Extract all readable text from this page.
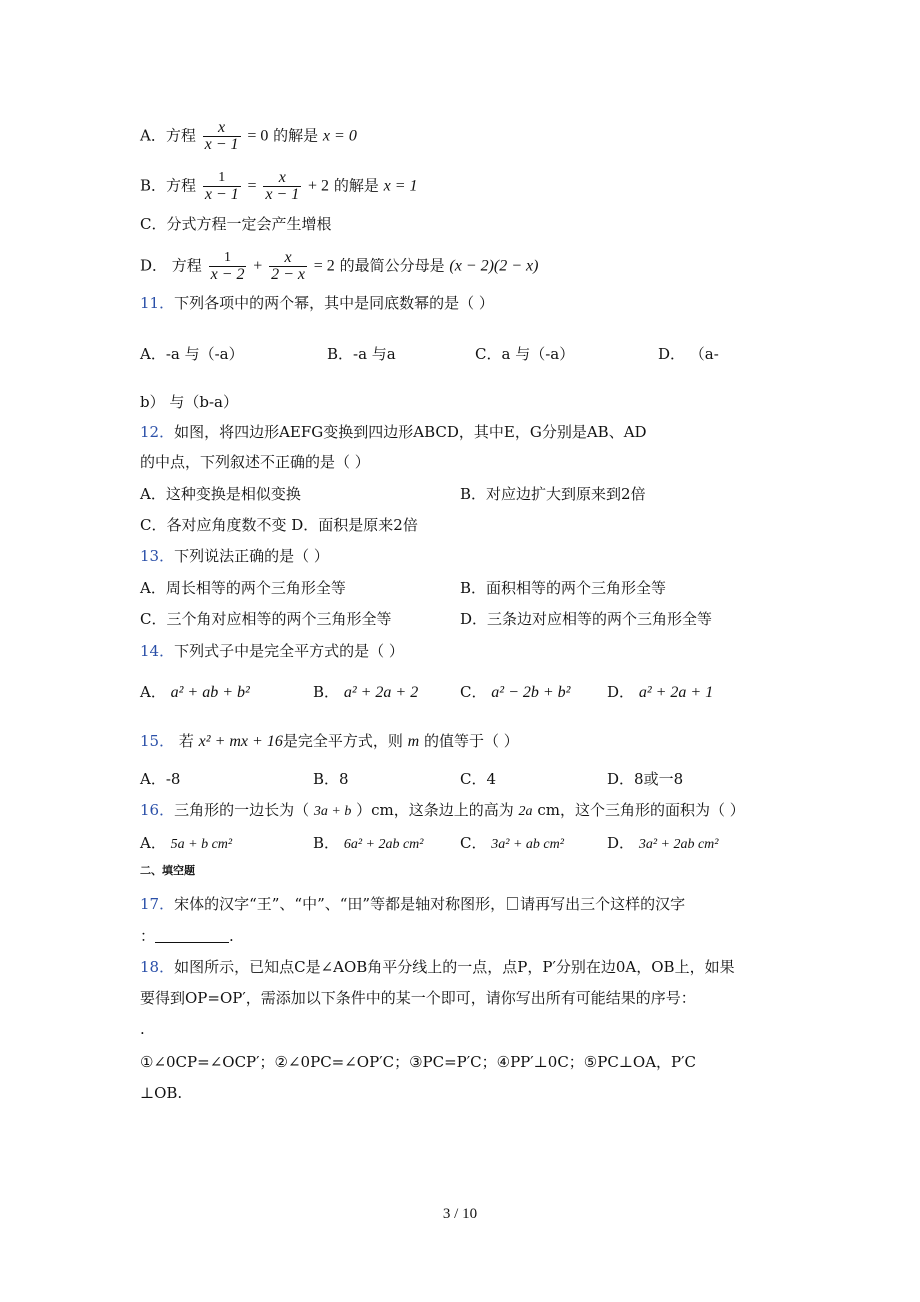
A．方程 $\frac{x}{x - 1} = 0$ 的解是 x = 0
B．方程 $\frac{1}{x - 1} = \frac{x}{x - 1} + 2$ 的解是 x = 1
C．分式方程一定会产生增根
D． 方程 $\frac{1}{x - 2} + \frac{x}{2 - x} = 2$ 的最简公分母是 (x − 2)(2 − x)
11．下列各项中的两个幂，其中是同底数幂的是（ ）
A．-a 与（-a）	B．-a 与a	C．a 与（-a）	D． （a-
b） 与（b-a）
12．如图，将四边形AEFG变换到四边形ABCD，其中E，G分别是AB、AD
的中点，下列叙述不正确的是（ ）
A．这种变换是相似变换	B．对应边扩大到原来到2倍
C．各对应角度数不变 D．面积是原来2倍
13．下列说法正确的是（ ）
A．周长相等的两个三角形全等	B．面积相等的两个三角形全等
C．三个角对应相等的两个三角形全等	D．三条边对应相等的两个三角形全等
14．下列式子中是完全平方式的是（ ）
A． a² + ab + b²	B． a² + 2a + 2	C． a² − 2b + b² D． a² + 2a + 1
15． 若 x² + mx + 16是完全平方式，则 m 的值等于（ ）
A．-8	B．8	C．4	D．8或一8
16．三角形的一边长为（ 3a + b ）cm，这条边上的高为 2a cm，这个三角形的面积为（ ）
A． 5a + b cm²	B． 6a² + 2ab cm² C． 3a² + ab cm²	D． 3a² + 2ab cm²
二、填空题
17．宋体的汉字“王”、“中”、“田”等都是轴对称图形， 请再写出三个这样的汉字
：	.
18．如图所示，已知点C是∠AOB角平分线上的一点，点P，P′分别在边0A，OB上，如果
要得到OP=OP′，需添加以下条件中的某一个即可，请你写出所有可能结果的序号：
.
①∠0CP=∠OCP′；②∠0PC=∠OP′C；③PC=P′C；④PP′⊥0C；⑤PC⊥OA，P′C
⊥OB.
3 / 10
